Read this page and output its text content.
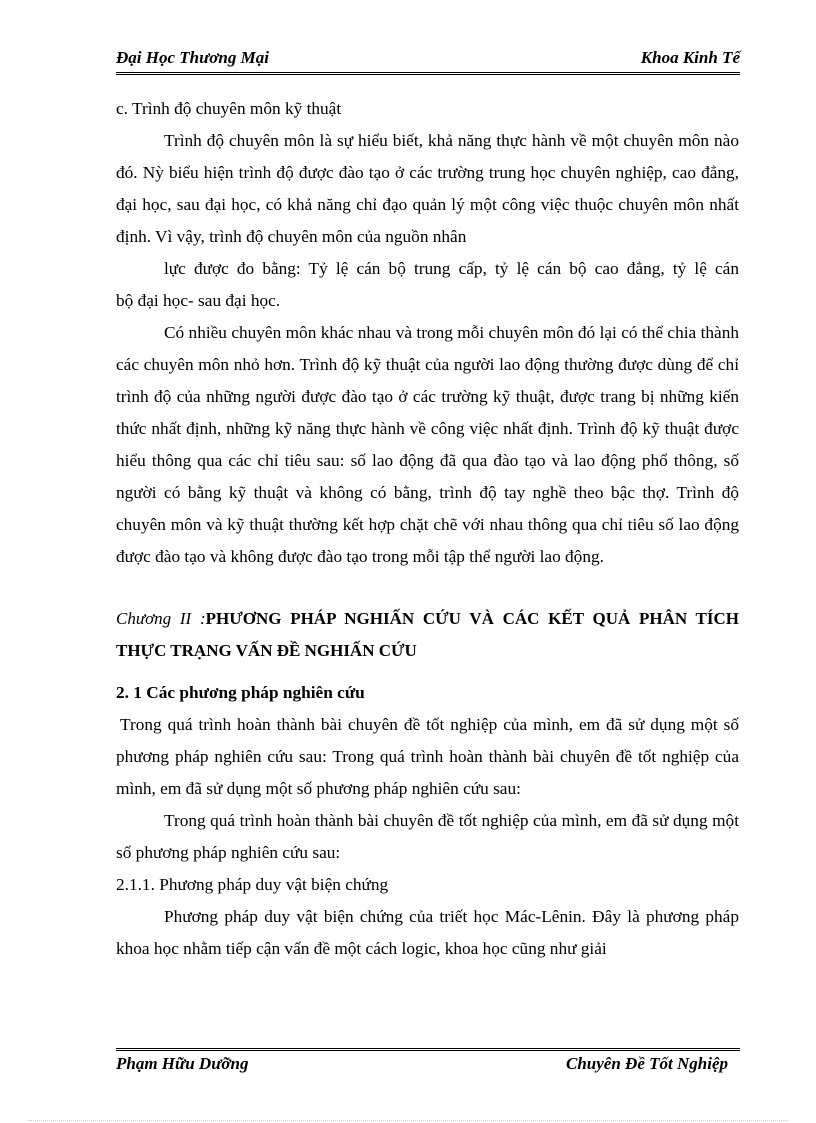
Đại Học Thương Mại	Khoa Kinh Tế

c. Trình độ chuyên môn kỹ thuật

Trình độ chuyên môn là sự hiểu biết, khả năng thực hành về một chuyên môn nào đó. Nỳ biểu hiện trình độ được đào tạo ở các trường trung học chuyên nghiệp, cao đẳng, đại học, sau đại học, có khả năng chỉ đạo quản lý một công việc thuộc chuyên môn nhất định. Vì vậy, trình độ chuyên môn của nguồn nhân

lực được đo bằng: Tỷ lệ cán bộ trung cấp, tỷ lệ cán bộ cao đẳng, tỷ lệ cán

bộ đại học- sau đại học.

Có nhiều chuyên môn khác nhau và trong mỗi chuyên môn đó lại có thể chia thành các chuyên môn nhỏ hơn. Trình độ kỹ thuật của người lao động thường được dùng để chỉ trình độ của những người được đào tạo ở các trường kỹ thuật, được trang bị những kiến thức nhất định, những kỹ năng thực hành về công việc nhất định. Trình độ kỹ thuật được hiểu thông qua các chỉ tiêu sau: số lao động đã qua đào tạo và lao động phổ thông, số người có bằng kỹ thuật và không có bằng, trình độ tay nghề theo bậc thợ. Trình độ chuyên môn và kỹ thuật thường kết hợp chặt chẽ với nhau thông qua chỉ tiêu số lao động được đào tạo và không được đào tạo trong mỗi tập thể người lao động.

Chương II :PHƯƠNG PHÁP NGHIẤN CỨU VÀ CÁC KẾT QUẢ PHÂN TÍCH THỰC TRẠNG VẤN ĐỀ NGHIẤN CỨU

2. 1 Các phương pháp nghiên cứu

Trong quá trình hoàn thành bài chuyên đề tốt nghiệp của mình, em đã sử dụng một số phương pháp nghiên cứu sau: Trong quá trình hoàn thành bài chuyên đề tốt nghiệp của mình, em đã sử dụng một số phương pháp nghiên cứu sau:

Trong quá trình hoàn thành bài chuyên đề tốt nghiệp của mình, em đã sử dụng một số phương pháp nghiên cứu sau:

2.1.1. Phương pháp duy vật biện chứng

Phương pháp duy vật biện chứng của triết học Mác-Lênin. Đây là phương pháp khoa học nhằm tiếp cận vấn đề một cách logic, khoa học cũng như giải

Phạm Hữu Dưỡng	Chuyên Đề Tốt Nghiệp
